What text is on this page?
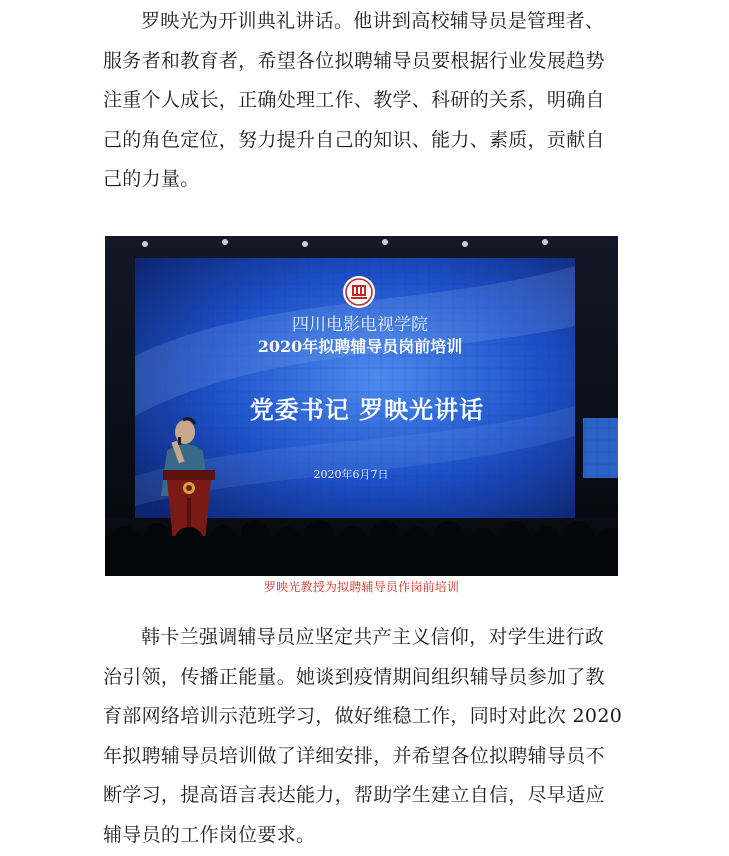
罗映光为开训典礼讲话。他讲到高校辅导员是管理者、
服务者和教育者，希望各位拟聘辅导员要根据行业发展趋势
注重个人成长，正确处理工作、教学、科研的关系，明确自
己的角色定位，努力提升自己的知识、能力、素质，贡献自
己的力量。
四川电影电视学院
2020年拟聘辅导员岗前培训
党委书记 罗映光讲话
2020年6月7日
罗映光教授为拟聘辅导员作岗前培训
韩卡兰强调辅导员应坚定共产主义信仰，对学生进行政
治引领，传播正能量。她谈到疫情期间组织辅导员参加了教
育部网络培训示范班学习，做好维稳工作，同时对此次 2020
年拟聘辅导员培训做了详细安排，并希望各位拟聘辅导员不
断学习，提高语言表达能力，帮助学生建立自信，尽早适应
辅导员的工作岗位要求。
